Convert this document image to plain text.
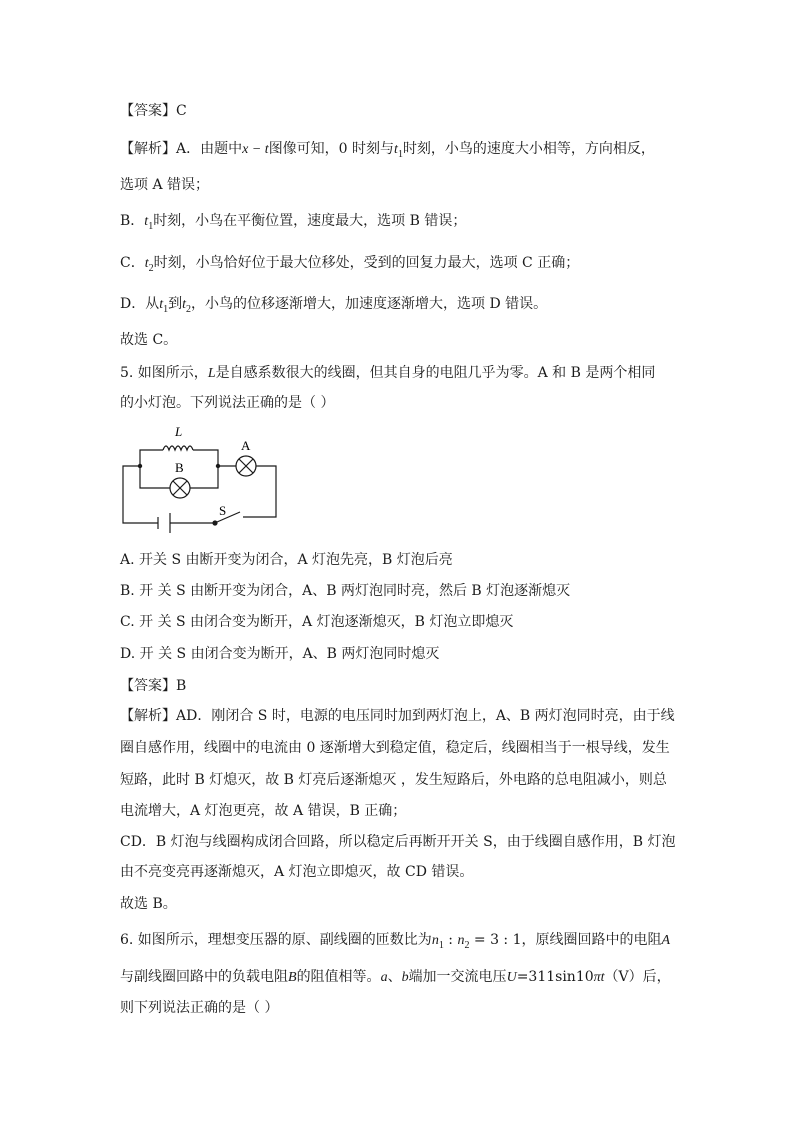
【答案】C
【解析】A．由题中x − t图像可知，0 时刻与$t_1$时刻，小鸟的速度大小相等，方向相反，
选项 A 错误；
B．$t_1$时刻，小鸟在平衡位置，速度最大，选项 B 错误；
C．$t_2$时刻，小鸟恰好位于最大位移处，受到的回复力最大，选项 C 正确；
D．从$t_1$到$t_2$，小鸟的位移逐渐增大，加速度逐渐增大，选项 D 错误。
故选 C。
5. 如图所示，L是自感系数很大的线圈，但其自身的电阻几乎为零。A 和 B 是两个相同
的小灯泡。下列说法正确的是（ ）
L
A
B
S
A. 开关 S 由断开变为闭合，A 灯泡先亮，B 灯泡后亮
B. 开 关 S 由断开变为闭合，A、B 两灯泡同时亮，然后 B 灯泡逐渐熄灭
C. 开 关 S 由闭合变为断开，A 灯泡逐渐熄灭，B 灯泡立即熄灭
D. 开 关 S 由闭合变为断开，A、B 两灯泡同时熄灭
【答案】B
【解析】AD．刚闭合 S 时，电源的电压同时加到两灯泡上，A、B 两灯泡同时亮，由于线
圈自感作用，线圈中的电流由 0 逐渐增大到稳定值，稳定后，线圈相当于一根导线，发生
短路，此时 B 灯熄灭，故 B 灯亮后逐渐熄灭 ，发生短路后，外电路的总电阻减小，则总
电流增大，A 灯泡更亮，故 A 错误，B 正确；
CD．B 灯泡与线圈构成闭合回路，所以稳定后再断开开关 S，由于线圈自感作用，B 灯泡
由不亮变亮再逐渐熄灭，A 灯泡立即熄灭，故 CD 错误。
故选 B。
6. 如图所示，理想变压器的原、副线圈的匝数比为$n_1$ : $n_2 = 3$ : 1，原线圈回路中的电阻A
与副线圈回路中的负载电阻B的阻值相等。a、b端加一交流电压U=311sin10πt（V）后，
则下列说法正确的是（ ）
